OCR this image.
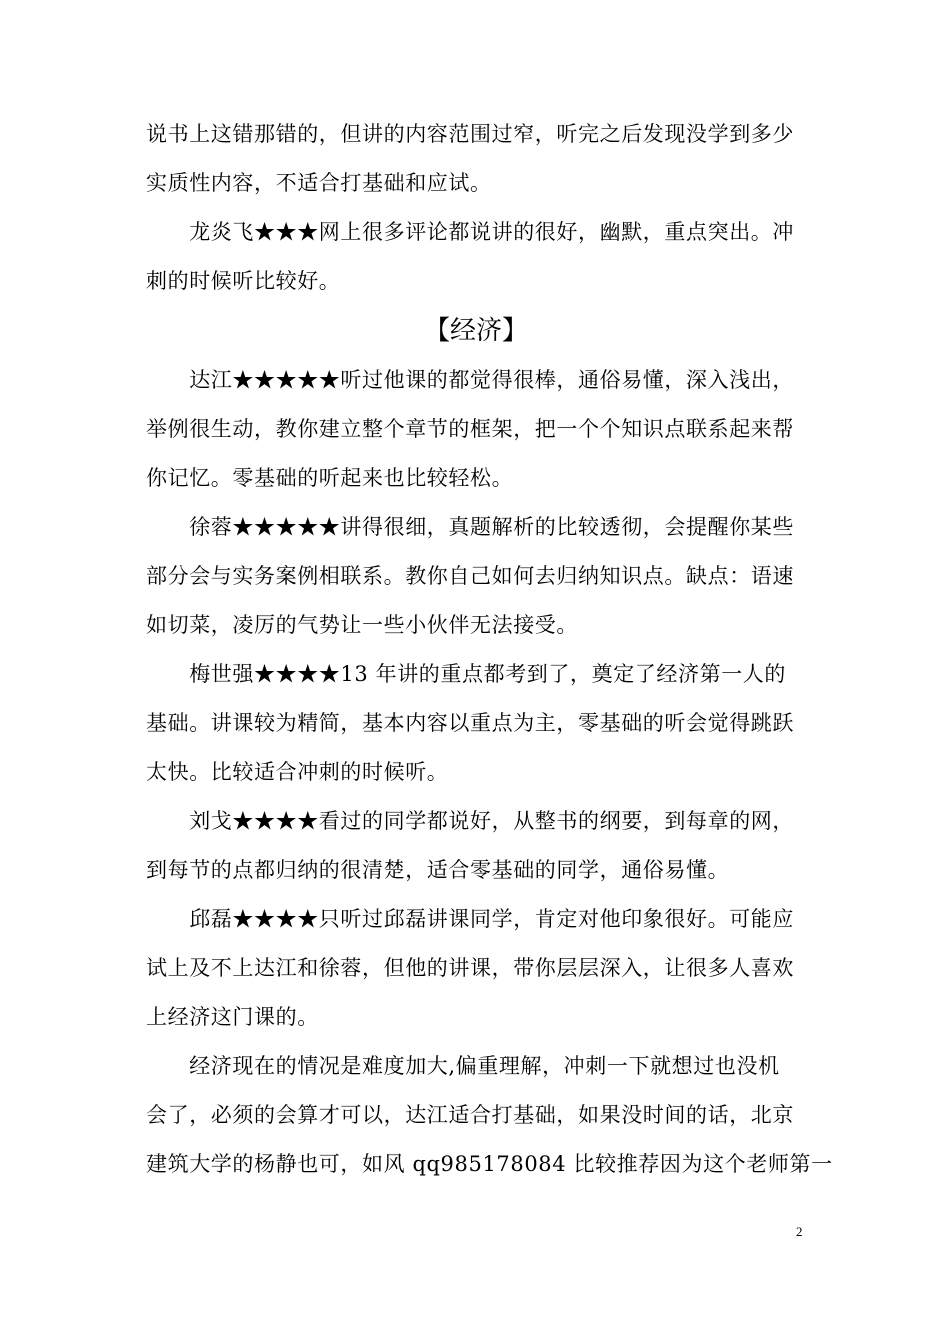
说书上这错那错的，但讲的内容范围过窄，听完之后发现没学到多少
实质性内容，不适合打基础和应试。
　　龙炎飞★★★网上很多评论都说讲的很好，幽默，重点突出。冲
刺的时候听比较好。
【经济】
　　达江★★★★★听过他课的都觉得很棒，通俗易懂，深入浅出，
举例很生动，教你建立整个章节的框架，把一个个知识点联系起来帮
你记忆。零基础的听起来也比较轻松。
　　徐蓉★★★★★讲得很细，真题解析的比较透彻，会提醒你某些
部分会与实务案例相联系。教你自己如何去归纳知识点。缺点：语速
如切菜，凌厉的气势让一些小伙伴无法接受。
　　梅世强★★★★13 年讲的重点都考到了，奠定了经济第一人的
基础。讲课较为精简，基本内容以重点为主，零基础的听会觉得跳跃
太快。比较适合冲刺的时候听。
　　刘戈★★★★看过的同学都说好，从整书的纲要，到每章的网，
到每节的点都归纳的很清楚，适合零基础的同学，通俗易懂。
　　邱磊★★★★只听过邱磊讲课同学，肯定对他印象很好。可能应
试上及不上达江和徐蓉，但他的讲课，带你层层深入，让很多人喜欢
上经济这门课的。
　　经济现在的情况是难度加大,偏重理解，冲刺一下就想过也没机
会了，必须的会算才可以，达江适合打基础，如果没时间的话，北京
建筑大学的杨静也可，如风 qq985178084 比较推荐因为这个老师第一
2
